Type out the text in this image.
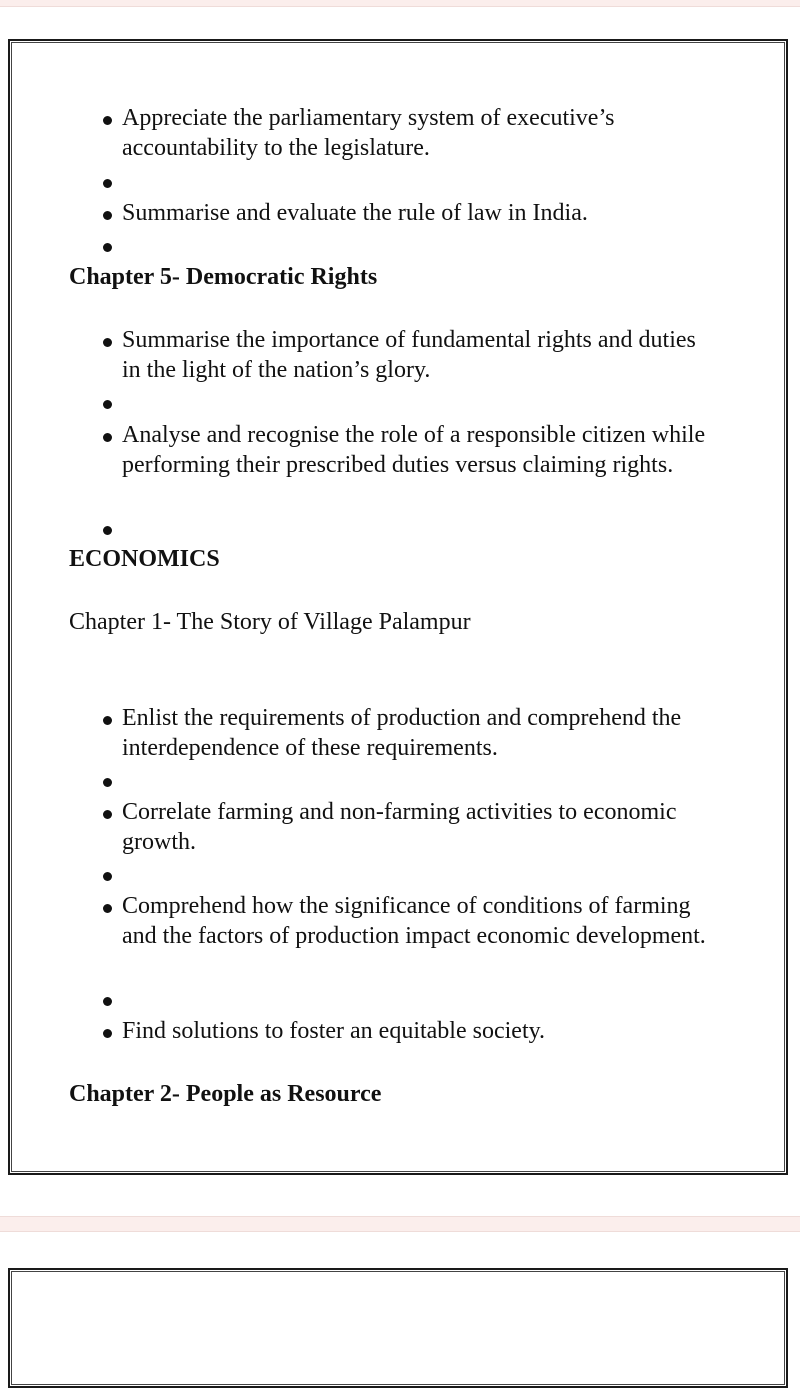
Appreciate the parliamentary system of executive’s accountability to the legislature.
Summarise and evaluate the rule of law in India.
Chapter 5- Democratic Rights
Summarise the importance of fundamental rights and duties in the light of the nation’s glory.
Analyse and recognise the role of a responsible citizen while performing their prescribed duties versus claiming rights.
ECONOMICS
Chapter 1- The Story of Village Palampur
Enlist the requirements of production and comprehend the interdependence of these requirements.
Correlate farming and non-farming activities to economic growth.
Comprehend how the significance of conditions of farming and the factors of production impact economic development.
Find solutions to foster an equitable society.
Chapter 2- People as Resource
